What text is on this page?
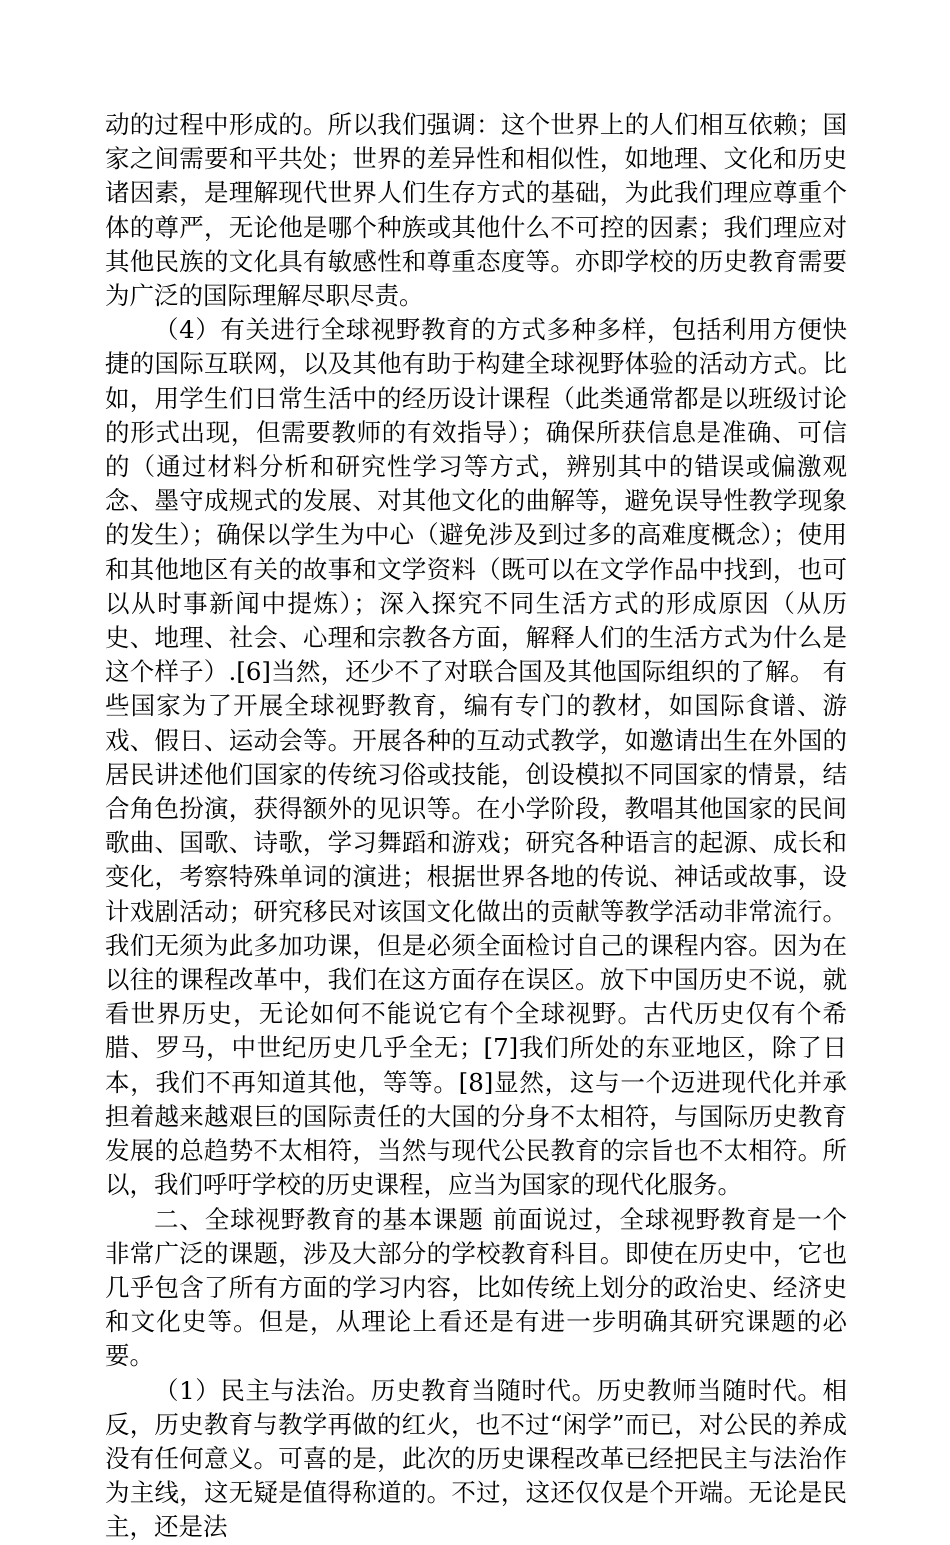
动的过程中形成的。所以我们强调：这个世界上的人们相互依赖；国家之间需要和平共处；世界的差异性和相似性，如地理、文化和历史诸因素，是理解现代世界人们生存方式的基础，为此我们理应尊重个体的尊严，无论他是哪个种族或其他什么不可控的因素；我们理应对其他民族的文化具有敏感性和尊重态度等。亦即学校的历史教育需要为广泛的国际理解尽职尽责。

（4）有关进行全球视野教育的方式多种多样，包括利用方便快捷的国际互联网，以及其他有助于构建全球视野体验的活动方式。比如，用学生们日常生活中的经历设计课程（此类通常都是以班级讨论的形式出现，但需要教师的有效指导）；确保所获信息是准确、可信的（通过材料分析和研究性学习等方式，辨别其中的错误或偏激观念、墨守成规式的发展、对其他文化的曲解等，避免误导性教学现象的发生）；确保以学生为中心（避免涉及到过多的高难度概念）；使用和其他地区有关的故事和文学资料（既可以在文学作品中找到，也可以从时事新闻中提炼）；深入探究不同生活方式的形成原因（从历史、地理、社会、心理和宗教各方面，解释人们的生活方式为什么是这个样子）.[6]当然，还少不了对联合国及其他国际组织的了解。 有些国家为了开展全球视野教育，编有专门的教材，如国际食谱、游戏、假日、运动会等。开展各种的互动式教学，如邀请出生在外国的居民讲述他们国家的传统习俗或技能，创设模拟不同国家的情景，结合角色扮演，获得额外的见识等。在小学阶段，教唱其他国家的民间歌曲、国歌、诗歌，学习舞蹈和游戏；研究各种语言的起源、成长和变化，考察特殊单词的演进；根据世界各地的传说、神话或故事，设计戏剧活动；研究移民对该国文化做出的贡献等教学活动非常流行。 我们无须为此多加功课，但是必须全面检讨自己的课程内容。因为在以往的课程改革中，我们在这方面存在误区。放下中国历史不说，就看世界历史，无论如何不能说它有个全球视野。古代历史仅有个希腊、罗马，中世纪历史几乎全无；[7]我们所处的东亚地区，除了日本，我们不再知道其他，等等。[8]显然，这与一个迈进现代化并承担着越来越艰巨的国际责任的大国的分身不太相符，与国际历史教育发展的总趋势不太相符，当然与现代公民教育的宗旨也不太相符。所以，我们呼吁学校的历史课程，应当为国家的现代化服务。

二、全球视野教育的基本课题 前面说过，全球视野教育是一个非常广泛的课题，涉及大部分的学校教育科目。即使在历史中，它也几乎包含了所有方面的学习内容，比如传统上划分的政治史、经济史和文化史等。但是，从理论上看还是有进一步明确其研究课题的必要。

（1）民主与法治。历史教育当随时代。历史教师当随时代。相反，历史教育与教学再做的红火，也不过“闲学”而已，对公民的养成没有任何意义。可喜的是，此次的历史课程改革已经把民主与法治作为主线，这无疑是值得称道的。不过，这还仅仅是个开端。无论是民主，还是法
